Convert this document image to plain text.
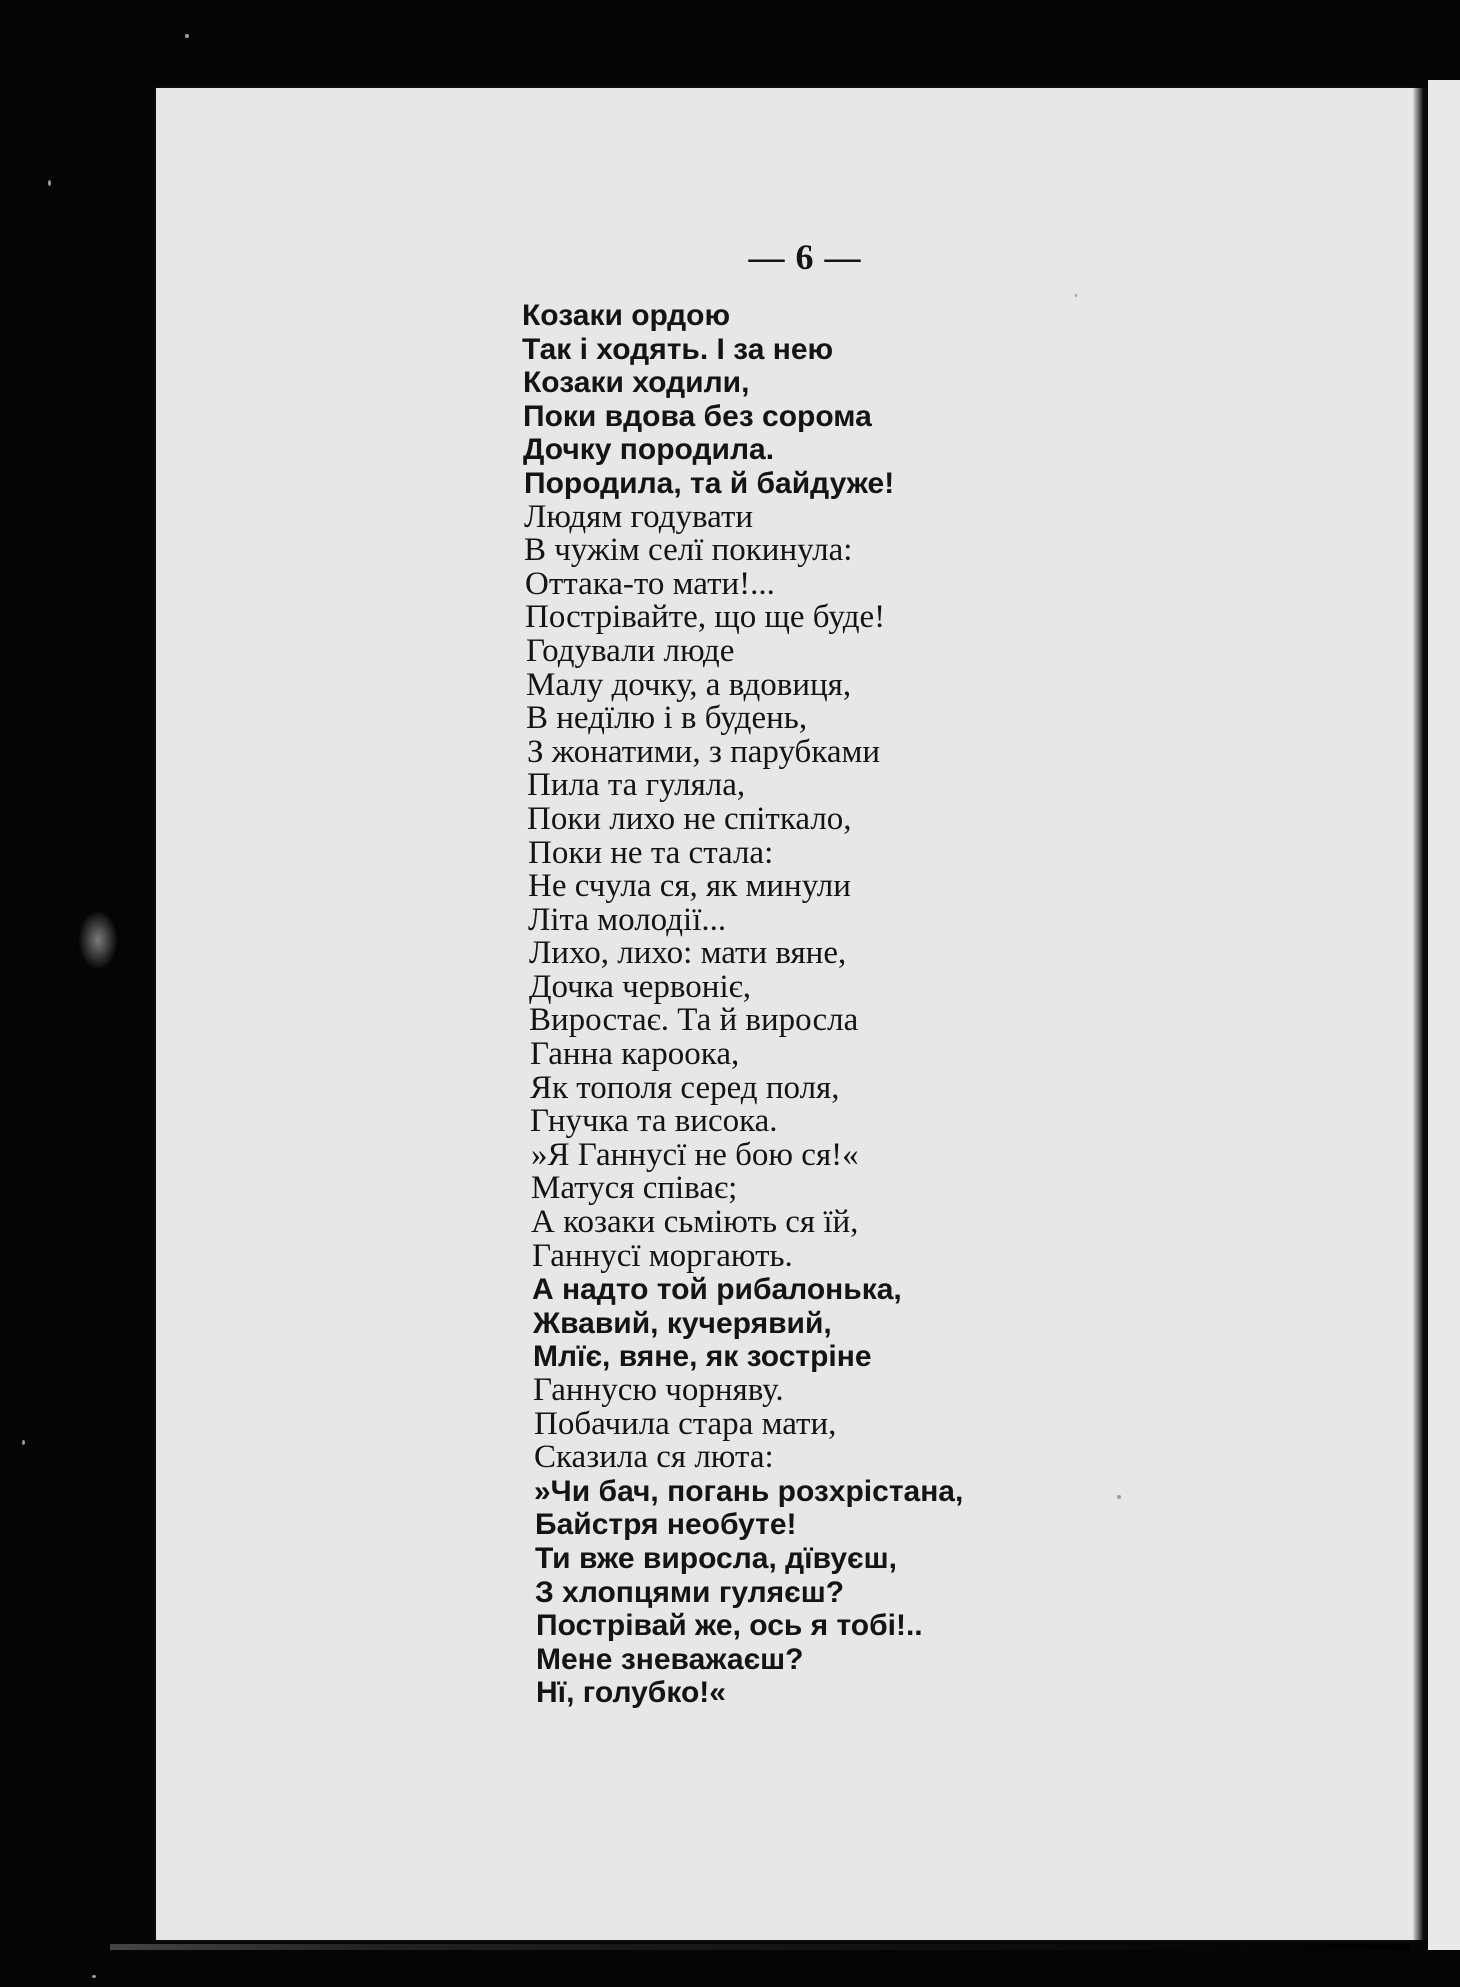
— 6 —
Козаки ордою
Так і ходять. І за нею
Козаки ходили,
Поки вдова без сорома
Дочку породила.
Породила, та й байдуже!
Людям годувати
В чужім селї покинула:
Оттака-то мати!...
Пострівайте, що ще буде!
Годували люде
Малу дочку, а вдовиця,
В недїлю і в будень,
З жонатими, з парубками
Пила та гуляла,
Поки лихо не спіткало,
Поки не та стала:
Не счула ся, як минули
Літа молодії...
Лихо, лихо: мати вяне,
Дочка червоніє,
Виростає. Та й виросла
Ганна кароока,
Як тополя серед поля,
Гнучка та висока.
»Я Ганнусї не бою ся!«
Матуся співає;
А козаки сьміють ся їй,
Ганнусї моргають.
А надто той рибалонька,
Жвавий, кучерявий,
Млїє, вяне, як зостріне
Ганнусю чорняву.
Побачила стара мати,
Сказила ся люта:
»Чи бач, погань розхрістана,
Байстря необуте!
Ти вже виросла, дївуєш,
З хлопцями гуляєш?
Пострівай же, ось я тобі!..
Мене зневажаєш?
Нї, голубко!«
